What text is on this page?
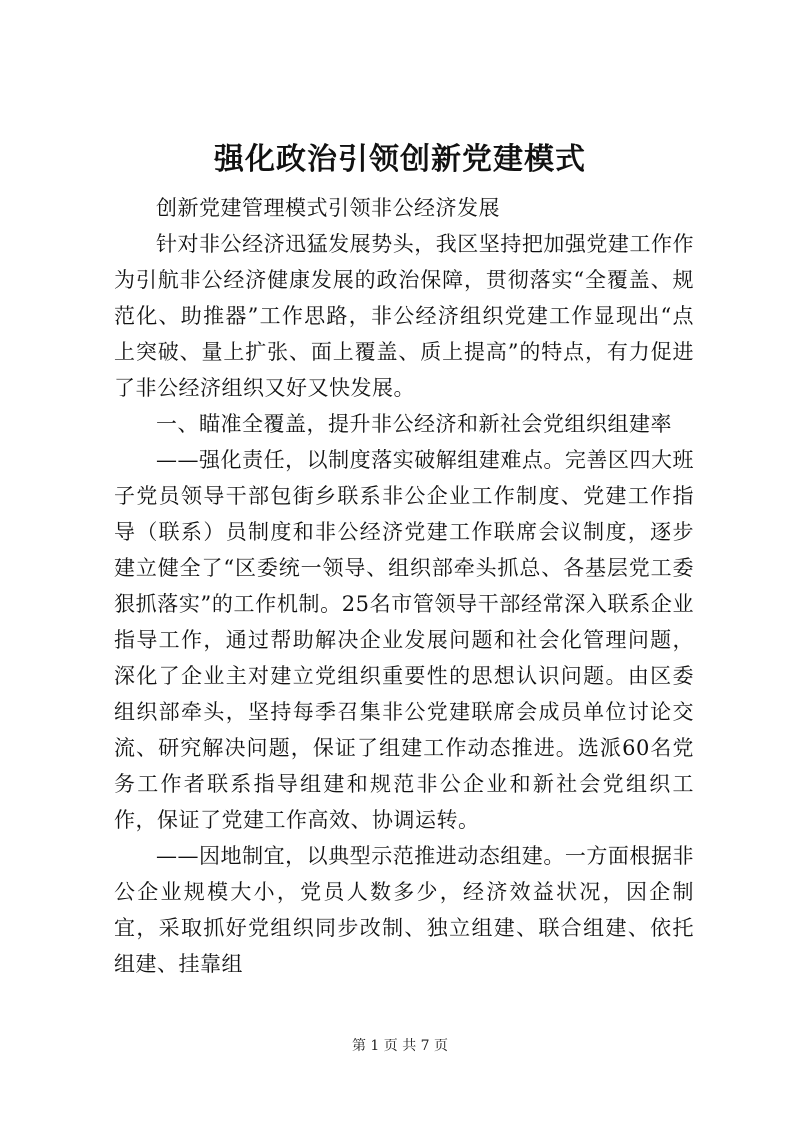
强化政治引领创新党建模式

创新党建管理模式引领非公经济发展

针对非公经济迅猛发展势头，我区坚持把加强党建工作作为引航非公经济健康发展的政治保障，贯彻落实“全覆盖、规范化、助推器”工作思路，非公经济组织党建工作显现出“点上突破、量上扩张、面上覆盖、质上提高”的特点，有力促进了非公经济组织又好又快发展。

一、瞄准全覆盖，提升非公经济和新社会党组织组建率

——强化责任，以制度落实破解组建难点。完善区四大班子党员领导干部包街乡联系非公企业工作制度、党建工作指导（联系）员制度和非公经济党建工作联席会议制度，逐步建立健全了“区委统一领导、组织部牵头抓总、各基层党工委狠抓落实”的工作机制。25名市管领导干部经常深入联系企业指导工作，通过帮助解决企业发展问题和社会化管理问题，深化了企业主对建立党组织重要性的思想认识问题。由区委组织部牵头，坚持每季召集非公党建联席会成员单位讨论交流、研究解决问题，保证了组建工作动态推进。选派60名党务工作者联系指导组建和规范非公企业和新社会党组织工作，保证了党建工作高效、协调运转。

——因地制宜，以典型示范推进动态组建。一方面根据非公企业规模大小，党员人数多少，经济效益状况，因企制宜，采取抓好党组织同步改制、独立组建、联合组建、依托组建、挂靠组

第 1 页 共 7 页
